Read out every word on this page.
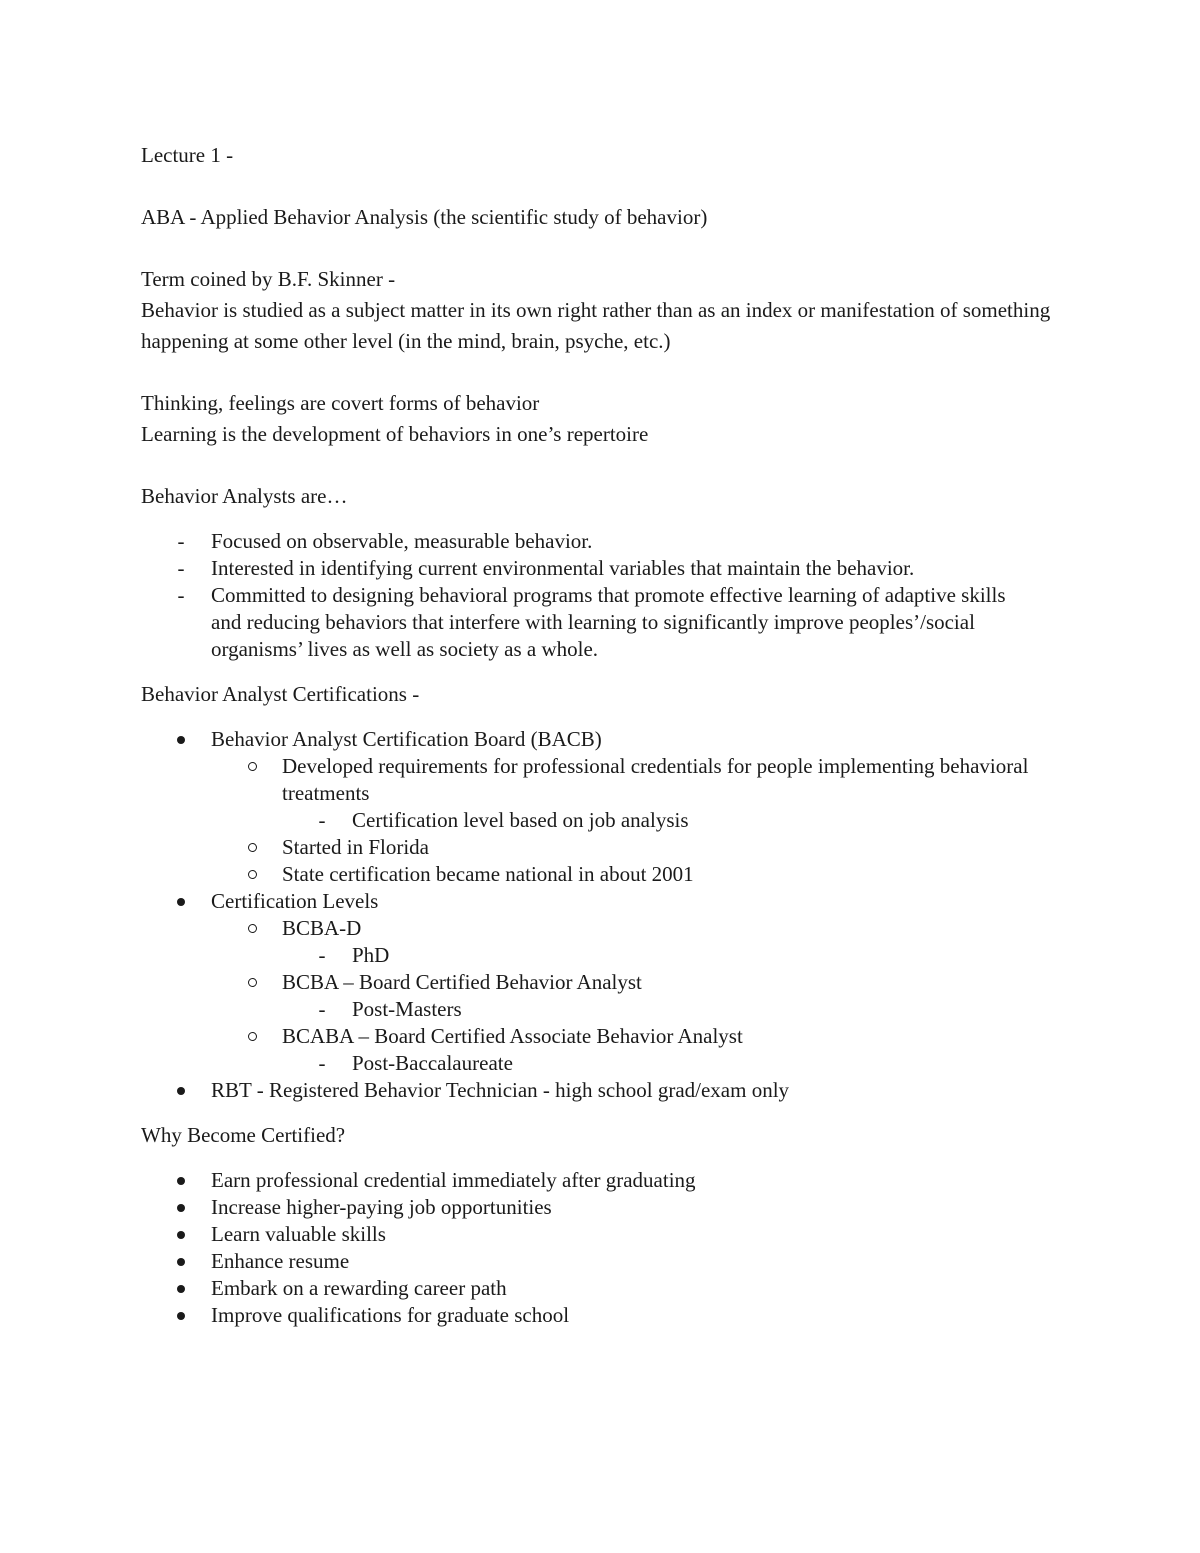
Lecture 1 -

ABA - Applied Behavior Analysis (the scientific study of behavior)

Term coined by B.F. Skinner -

Behavior is studied as a subject matter in its own right rather than as an index or manifestation of something happening at some other level (in the mind, brain, psyche, etc.)

Thinking, feelings are covert forms of behavior

Learning is the development of behaviors in one’s repertoire

Behavior Analysts are…

-	Focused on observable, measurable behavior.
-	Interested in identifying current environmental variables that maintain the behavior.
-	Committed to designing behavioral programs that promote effective learning of adaptive skills and reducing behaviors that interfere with learning to significantly improve peoples’/social organisms’ lives as well as society as a whole.

Behavior Analyst Certifications -

Behavior Analyst Certification Board (BACB)
Developed requirements for professional credentials for people implementing behavioral treatments
-	Certification level based on job analysis
Started in Florida
State certification became national in about 2001
Certification Levels
BCBA-D
-	PhD
BCBA – Board Certified Behavior Analyst
-	Post-Masters
BCABA – Board Certified Associate Behavior Analyst
-	Post-Baccalaureate
RBT - Registered Behavior Technician - high school grad/exam only

Why Become Certified?

Earn professional credential immediately after graduating
Increase higher-paying job opportunities
Learn valuable skills
Enhance resume
Embark on a rewarding career path
Improve qualifications for graduate school
